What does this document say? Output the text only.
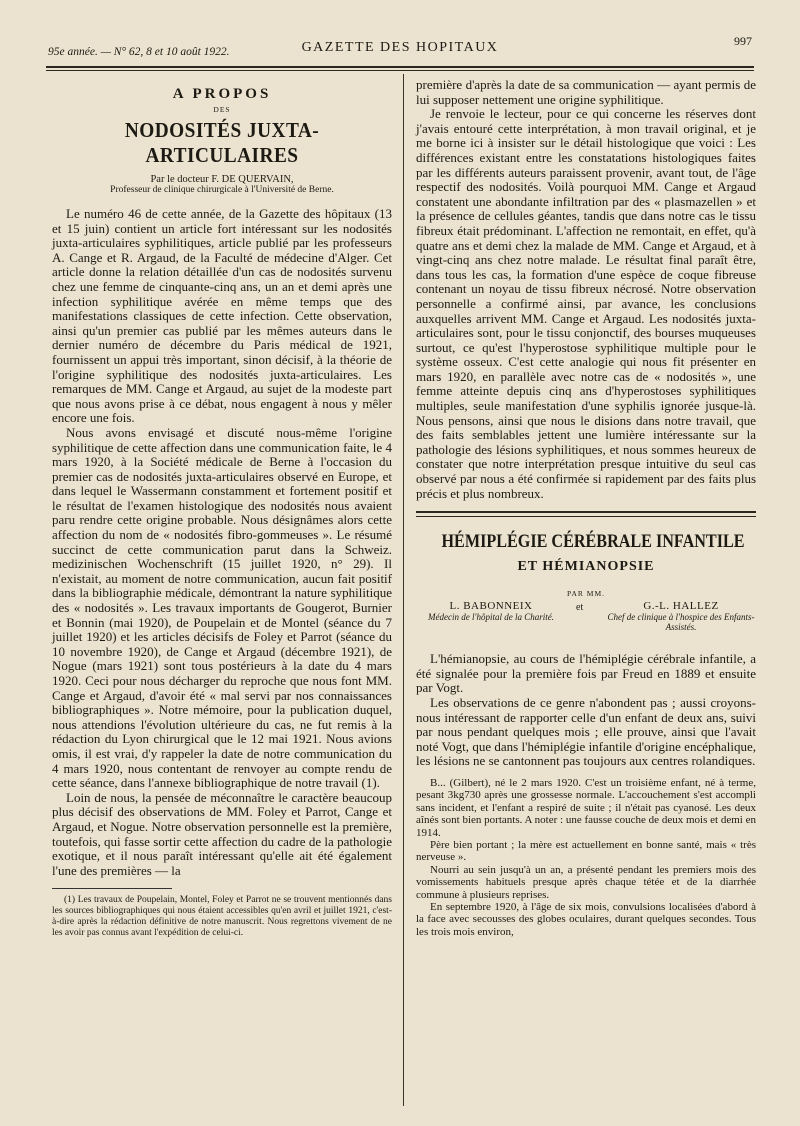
95e année. — N° 62, 8 et 10 août 1922.	GAZETTE DES HOPITAUX	997
A PROPOS
DES
NODOSITÉS JUXTA-ARTICULAIRES
Par le docteur F. DE QUERVAIN,
Professeur de clinique chirurgicale à l'Université de Berne.

Le numéro 46 de cette année, de la Gazette des hôpitaux (13 et 15 juin) contient un article fort intéressant sur les nodosités juxta-articulaires syphilitiques, article publié par les professeurs A. Cange et R. Argaud, de la Faculté de médecine d'Alger. Cet article donne la relation détaillée d'un cas de nodosités survenu chez une femme de cinquante-cinq ans, un an et demi après une infection syphilitique avérée en même temps que des manifestations classiques de cette infection. Cette observation, ainsi qu'un premier cas publié par les mêmes auteurs dans le dernier numéro de décembre du Paris médical de 1921, fournissent un appui très important, sinon décisif, à la théorie de l'origine syphilitique des nodosités juxta-articulaires. Les remarques de MM. Cange et Argaud, au sujet de la modeste part que nous avons prise à ce débat, nous engagent à nous y mêler encore une fois.

Nous avons envisagé et discuté nous-même l'origine syphilitique de cette affection dans une communication faite, le 4 mars 1920, à la Société médicale de Berne à l'occasion du premier cas de nodosités juxta-articulaires observé en Europe, et dans lequel le Wassermann constamment et fortement positif et le résultat de l'examen histologique des nodosités nous avaient paru rendre cette origine probable. Nous désignâmes alors cette affection du nom de « nodosités fibro-gommeuses ». Le résumé succinct de cette communication parut dans la Schweiz. medizinischen Wochenschrift (15 juillet 1920, n° 29). Il n'existait, au moment de notre communication, aucun fait positif dans la bibliographie médicale, démontrant la nature syphilitique des « nodosités ». Les travaux importants de Gougerot, Burnier et Bonnin (mai 1920), de Poupelain et de Montel (séance du 7 juillet 1920) et les articles décisifs de Foley et Parrot (séance du 10 novembre 1920), de Cange et Argaud (décembre 1921), de Nogue (mars 1921) sont tous postérieurs à la date du 4 mars 1920. Ceci pour nous décharger du reproche que nous font MM. Cange et Argaud, d'avoir été « mal servi par nos connaissances bibliographiques ». Notre mémoire, pour la publication duquel, nous attendions l'évolution ultérieure du cas, ne fut remis à la rédaction du Lyon chirurgical que le 12 mai 1921. Nous avions omis, il est vrai, d'y rappeler la date de notre communication du 4 mars 1920, nous contentant de renvoyer au compte rendu de cette séance, dans l'annexe bibliographique de notre travail (1).

Loin de nous, la pensée de méconnaître le caractère beaucoup plus décisif des observations de MM. Foley et Parrot, Cange et Argaud, et Nogue. Notre observation personnelle est la première, toutefois, qui fasse sortir cette affection du cadre de la pathologie exotique, et il nous paraît intéressant qu'elle ait été également l'une des premières — la

(1) Les travaux de Poupelain, Montel, Foley et Parrot ne se trouvent mentionnés dans les sources bibliographiques qui nous étaient accessibles qu'en avril et juillet 1921, c'est-à-dire après la rédaction définitive de notre manuscrit. Nous regrettons vivement de ne les avoir pas connus avant l'expédition de celui-ci.

première d'après la date de sa communication — ayant permis de lui supposer nettement une origine syphilitique.

Je renvoie le lecteur, pour ce qui concerne les réserves dont j'avais entouré cette interprétation, à mon travail original, et je me borne ici à insister sur le détail histologique que voici : Les différences existant entre les constatations histologiques faites par les différents auteurs paraissent provenir, avant tout, de l'âge respectif des nodosités. Voilà pourquoi MM. Cange et Argaud constatent une abondante infiltration par des « plasmazellen » et la présence de cellules géantes, tandis que dans notre cas le tissu fibreux était prédominant. L'affection ne remontait, en effet, qu'à quatre ans et demi chez la malade de MM. Cange et Argaud, et à vingt-cinq ans chez notre malade. Le résultat final paraît être, dans tous les cas, la formation d'une espèce de coque fibreuse contenant un noyau de tissu fibreux nécrosé. Notre observation personnelle a confirmé ainsi, par avance, les conclusions auxquelles arrivent MM. Cange et Argaud. Les nodosités juxta-articulaires sont, pour le tissu conjonctif, des bourses muqueuses surtout, ce qu'est l'hyperostose syphilitique multiple pour le système osseux. C'est cette analogie qui nous fit présenter en mars 1920, en parallèle avec notre cas de « nodosités », une femme atteinte depuis cinq ans d'hyperostoses syphilitiques multiples, seule manifestation d'une syphilis ignorée jusque-là. Nous pensons, ainsi que nous le disions dans notre travail, que des faits semblables jettent une lumière intéressante sur la pathologie des lésions syphilitiques, et nous sommes heureux de constater que notre interprétation presque intuitive du seul cas observé par nous a été confirmée si rapidement par des faits plus précis et plus nombreux.

HÉMIPLÉGIE CÉRÉBRALE INFANTILE
ET HÉMIANOPSIE
PAR MM.
L. BABONNEIX
Médecin de l'hôpital de la Charité.
et	G.-L. HALLEZ
Chef de clinique à l'hospice des Enfants-Assistés.

L'hémianopsie, au cours de l'hémiplégie cérébrale infantile, a été signalée pour la première fois par Freud en 1889 et ensuite par Vogt.

Les observations de ce genre n'abondent pas ; aussi croyons-nous intéressant de rapporter celle d'un enfant de deux ans, suivi par nous pendant quelques mois ; elle prouve, ainsi que l'avait noté Vogt, que dans l'hémiplégie infantile d'origine encéphalique, les lésions ne se cantonnent pas toujours aux centres rolandiques.

B... (Gilbert), né le 2 mars 1920. C'est un troisième enfant, né à terme, pesant 3kg730 après une grossesse normale. L'accouchement s'est accompli sans incident, et l'enfant a respiré de suite ; il n'était pas cyanosé. Les deux aînés sont bien portants. A noter : une fausse couche de deux mois et demi en 1914.

Père bien portant ; la mère est actuellement en bonne santé, mais « très nerveuse ».

Nourri au sein jusqu'à un an, a présenté pendant les premiers mois des vomissements habituels presque après chaque tétée et de la diarrhée commune à plusieurs reprises.

En septembre 1920, à l'âge de six mois, convulsions localisées d'abord à la face avec secousses des globes oculaires, durant quelques secondes. Tous les trois mois environ,
